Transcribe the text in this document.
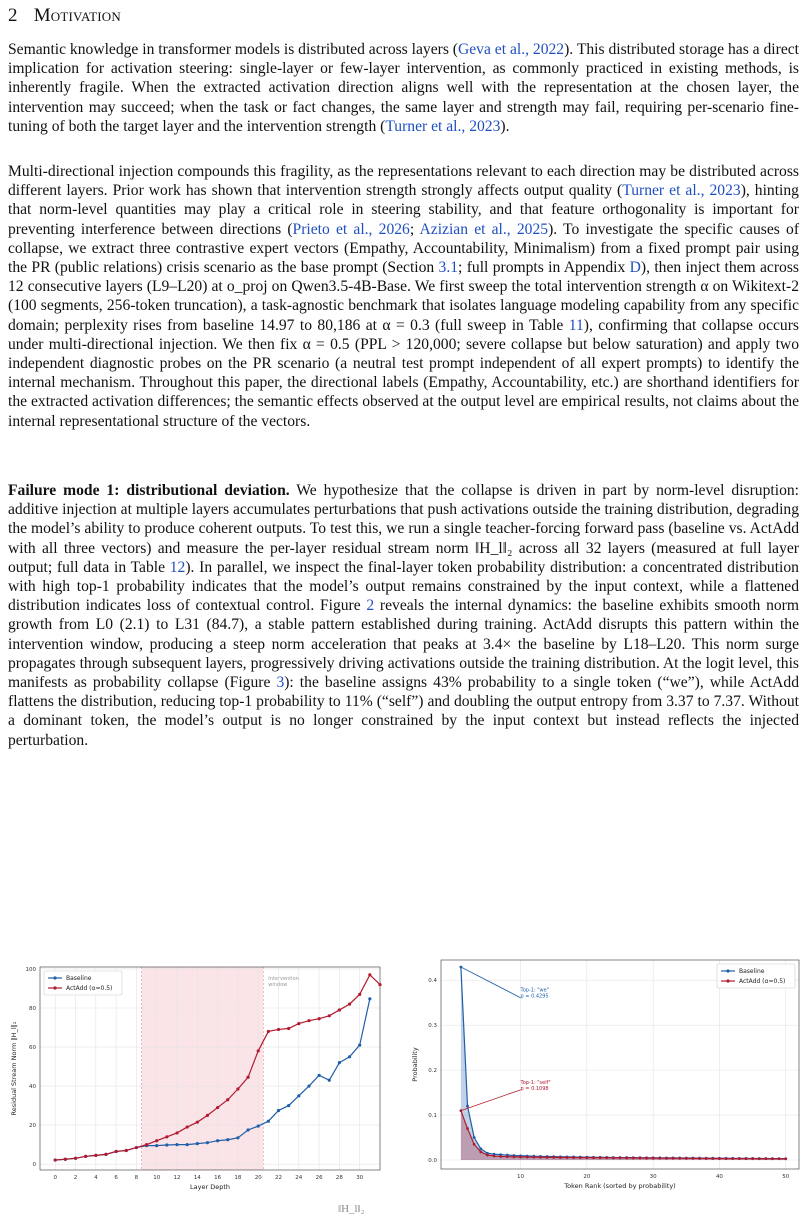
2 Motivation

Semantic knowledge in transformer models is distributed across layers (Geva et al., 2022). This distributed storage has a direct implication for activation steering: single-layer or few-layer intervention, as commonly practiced in existing methods, is inherently fragile. When the extracted activation direction aligns well with the representation at the chosen layer, the intervention may succeed; when the task or fact changes, the same layer and strength may fail, requiring per-scenario fine-tuning of both the target layer and the intervention strength (Turner et al., 2023).

Multi-directional injection compounds this fragility, as the representations relevant to each direction may be distributed across different layers. Prior work has shown that intervention strength strongly affects output quality (Turner et al., 2023), hinting that norm-level quantities may play a critical role in steering stability, and that feature orthogonality is important for preventing interference between directions (Prieto et al., 2026; Azizian et al., 2025). To investigate the specific causes of collapse, we extract three contrastive expert vectors (Empathy, Accountability, Minimalism) from a fixed prompt pair using the PR (public relations) crisis scenario as the base prompt (Section 3.1; full prompts in Appendix D), then inject them across 12 consecutive layers (L9–L20) at o_proj on Qwen3.5-4B-Base. We first sweep the total intervention strength α on Wikitext-2 (100 segments, 256-token truncation), a task-agnostic benchmark that isolates language modeling capability from any specific domain; perplexity rises from baseline 14.97 to 80,186 at α = 0.3 (full sweep in Table 11), confirming that collapse occurs under multi-directional injection. We then fix α = 0.5 (PPL > 120,000; severe collapse but below saturation) and apply two independent diagnostic probes on the PR scenario (a neutral test prompt independent of all expert prompts) to identify the internal mechanism. Throughout this paper, the directional labels (Empathy, Accountability, etc.) are shorthand identifiers for the extracted activation differences; the semantic effects observed at the output level are empirical results, not claims about the internal representational structure of the vectors.

Failure mode 1: distributional deviation. We hypothesize that the collapse is driven in part by norm-level disruption: additive injection at multiple layers accumulates perturbations that push activations outside the training distribution, degrading the model’s ability to produce coherent outputs. To test this, we run a single teacher-forcing forward pass (baseline vs. ActAdd with all three vectors) and measure the per-layer residual stream norm ‖H_l‖₂ across all 32 layers (measured at full layer output; full data in Table 12). In parallel, we inspect the final-layer token probability distribution: a concentrated distribution with high top-1 probability indicates that the model’s output remains constrained by the input context, while a flattened distribution indicates loss of contextual control. Figure 2 reveals the internal dynamics: the baseline exhibits smooth norm growth from L0 (2.1) to L31 (84.7), a stable pattern established during training. ActAdd disrupts this pattern within the intervention window, producing a steep norm acceleration that peaks at 3.4× the baseline by L18–L20. This norm surge propagates through subsequent layers, progressively driving activations outside the training distribution. At the logit level, this manifests as probability collapse (Figure 3): the baseline assigns 43% probability to a single token (“we”), while ActAdd flattens the distribution, reducing top-1 probability to 11% (“self”) and doubling the output entropy from 3.37 to 7.37. Without a dominant token, the model’s output is no longer constrained by the input context but instead reflects the injected perturbation.

Intervention
window
0	2	4	6	8	10 12 14 16 18 20 22 24 26 28 30
0
20
40
60
80
100
Layer Depth
Residual Stream Norm ‖H_l‖₂
Baseline
ActAdd (α=0.5)
10	20	30	40	50
0.0
0.1
0.2
0.3
0.4
Token Rank (sorted by probability)
Probability
Baseline
ActAdd (α=0.5)
Top-1: "we"
p = 0.4295
Top-1: "self"
p = 0.1098
‖H_l‖₂
